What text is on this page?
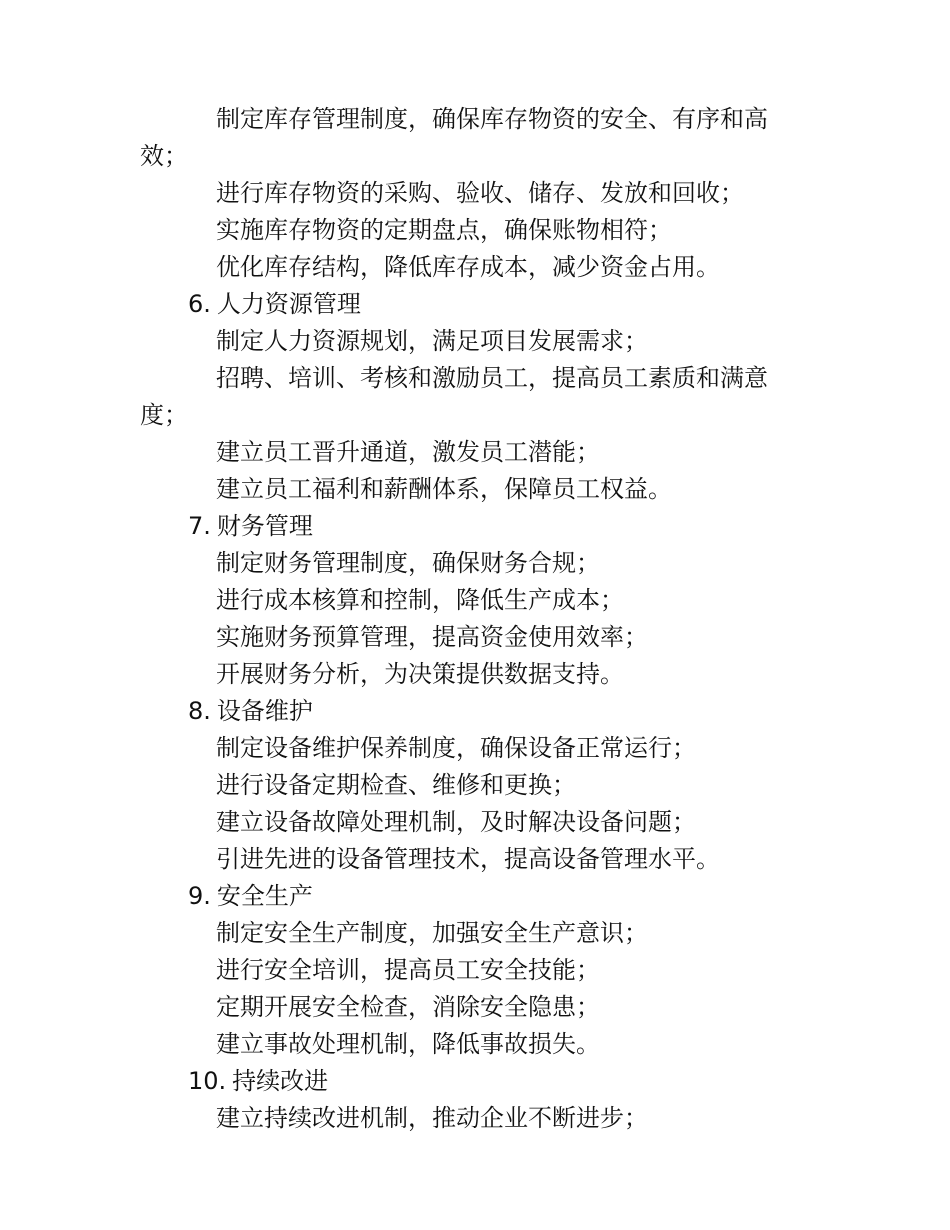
制定库存管理制度，确保库存物资的安全、有序和高效；

进行库存物资的采购、验收、储存、发放和回收；

实施库存物资的定期盘点，确保账物相符；

优化库存结构，降低库存成本，减少资金占用。

6. 人力资源管理

制定人力资源规划，满足项目发展需求；

招聘、培训、考核和激励员工，提高员工素质和满意度；

建立员工晋升通道，激发员工潜能；

建立员工福利和薪酬体系，保障员工权益。

7. 财务管理

制定财务管理制度，确保财务合规；

进行成本核算和控制，降低生产成本；

实施财务预算管理，提高资金使用效率；

开展财务分析，为决策提供数据支持。

8. 设备维护

制定设备维护保养制度，确保设备正常运行；

进行设备定期检查、维修和更换；

建立设备故障处理机制，及时解决设备问题；

引进先进的设备管理技术，提高设备管理水平。

9. 安全生产

制定安全生产制度，加强安全生产意识；

进行安全培训，提高员工安全技能；

定期开展安全检查，消除安全隐患；

建立事故处理机制，降低事故损失。

10. 持续改进

建立持续改进机制，推动企业不断进步；
